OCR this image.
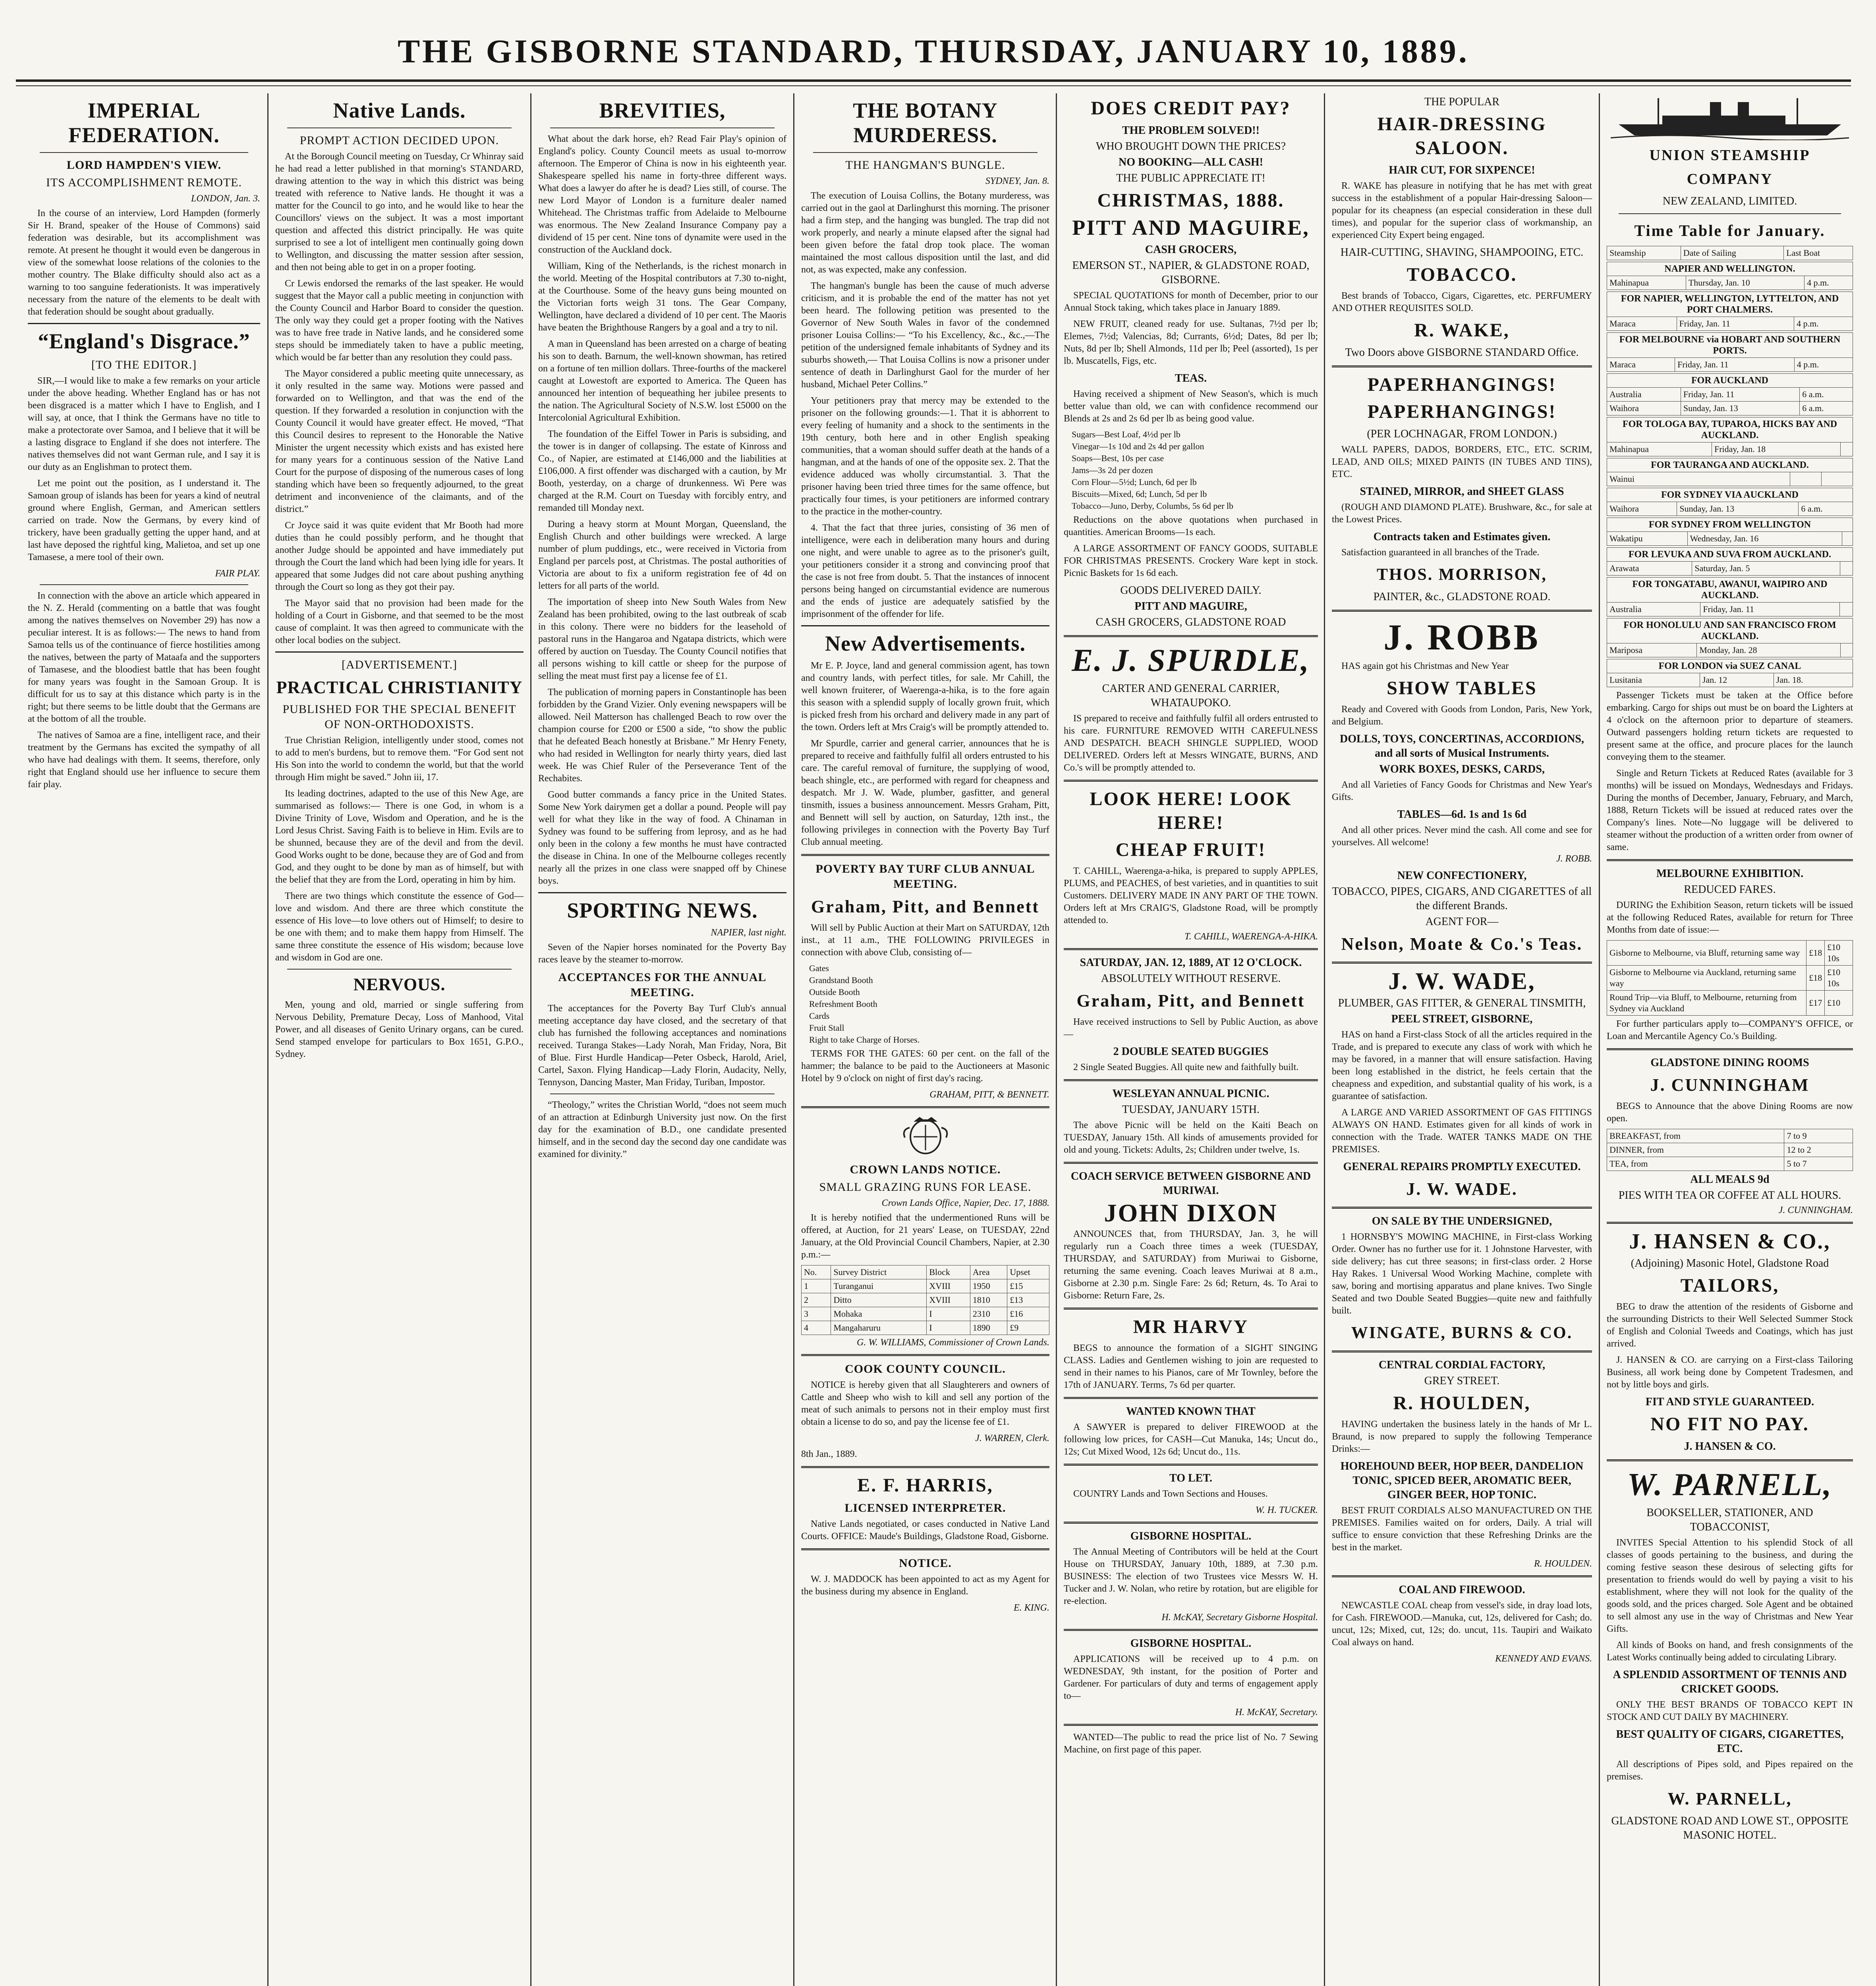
THE GISBORNE STANDARD, THURSDAY, JANUARY 10, 1889.
IMPERIAL FEDERATION.
LORD HAMPDEN'S VIEW.
ITS ACCOMPLISHMENT REMOTE.
LONDON, Jan. 3.
In the course of an interview, Lord Hampden (formerly Sir H. Brand, speaker of the House of Commons) said federation was desirable, but its accomplishment was remote. At present he thought it would even be dangerous in view of the somewhat loose relations of the colonies to the mother country. The Blake difficulty should also act as a warning to too sanguine federationists. It was imperatively necessary from the nature of the elements to be dealt with that federation should be sought about gradually.
“England's Disgrace.”
[TO THE EDITOR.]
SIR,—I would like to make a few remarks on your article under the above heading. Whether England has or has not been disgraced is a matter which I have to English, and I will say, at once, that I think the Germans have no title to make a protectorate over Samoa, and I believe that it will be a lasting disgrace to England if she does not interfere. The natives themselves did not want German rule, and I say it is our duty as an Englishman to protect them.
Let me point out the position, as I understand it. The Samoan group of islands has been for years a kind of neutral ground where English, German, and American settlers carried on trade. Now the Germans, by every kind of trickery, have been gradually getting the upper hand, and at last have deposed the rightful king, Malietoa, and set up one Tamasese, a mere tool of their own.
FAIR PLAY.
In connection with the above an article which appeared in the N. Z. Herald (commenting on a battle that was fought among the natives themselves on November 29) has now a peculiar interest. It is as follows:— The news to hand from Samoa tells us of the continuance of fierce hostilities among the natives, between the party of Mataafa and the supporters of Tamasese, and the bloodiest battle that has been fought for many years was fought in the Samoan Group. It is difficult for us to say at this distance which party is in the right; but there seems to be little doubt that the Germans are at the bottom of all the trouble.
The natives of Samoa are a fine, intelligent race, and their treatment by the Germans has excited the sympathy of all who have had dealings with them. It seems, therefore, only right that England should use her influence to secure them fair play.
Native Lands.
PROMPT ACTION DECIDED UPON.
At the Borough Council meeting on Tuesday, Cr Whinray said he had read a letter published in that morning's STANDARD, drawing attention to the way in which this district was being treated with reference to Native lands. He thought it was a matter for the Council to go into, and he would like to hear the Councillors' views on the subject. It was a most important question and affected this district principally. He was quite surprised to see a lot of intelligent men continually going down to Wellington, and discussing the matter session after session, and then not being able to get in on a proper footing.
Cr Lewis endorsed the remarks of the last speaker. He would suggest that the Mayor call a public meeting in conjunction with the County Council and Harbor Board to consider the question. The only way they could get a proper footing with the Natives was to have free trade in Native lands, and he considered some steps should be immediately taken to have a public meeting, which would be far better than any resolution they could pass.
The Mayor considered a public meeting quite unnecessary, as it only resulted in the same way. Motions were passed and forwarded on to Wellington, and that was the end of the question. If they forwarded a resolution in conjunction with the County Council it would have greater effect. He moved, “That this Council desires to represent to the Honorable the Native Minister the urgent necessity which exists and has existed here for many years for a continuous session of the Native Land Court for the purpose of disposing of the numerous cases of long standing which have been so frequently adjourned, to the great detriment and inconvenience of the claimants, and of the district.”
Cr Joyce said it was quite evident that Mr Booth had more duties than he could possibly perform, and he thought that another Judge should be appointed and have immediately put through the Court the land which had been lying idle for years. It appeared that some Judges did not care about pushing anything through the Court so long as they got their pay.
The Mayor said that no provision had been made for the holding of a Court in Gisborne, and that seemed to be the most cause of complaint. It was then agreed to communicate with the other local bodies on the subject.
[ADVERTISEMENT.]
PRACTICAL CHRISTIANITY
PUBLISHED FOR THE SPECIAL BENEFIT OF NON-ORTHODOXISTS.
True Christian Religion, intelligently under stood, comes not to add to men's burdens, but to remove them. “For God sent not His Son into the world to condemn the world, but that the world through Him might be saved.” John iii, 17.
Its leading doctrines, adapted to the use of this New Age, are summarised as follows:— There is one God, in whom is a Divine Trinity of Love, Wisdom and Operation, and he is the Lord Jesus Christ. Saving Faith is to believe in Him. Evils are to be shunned, because they are of the devil and from the devil. Good Works ought to be done, because they are of God and from God, and they ought to be done by man as of himself, but with the belief that they are from the Lord, operating in him by him.
There are two things which constitute the essence of God—love and wisdom. And there are three which constitute the essence of His love—to love others out of Himself; to desire to be one with them; and to make them happy from Himself. The same three constitute the essence of His wisdom; because love and wisdom in God are one.
NERVOUS.
Men, young and old, married or single suffering from Nervous Debility, Premature Decay, Loss of Manhood, Vital Power, and all diseases of Genito Urinary organs, can be cured. Send stamped envelope for particulars to Box 1651, G.P.O., Sydney.
BREVITIES,
What about the dark horse, eh? Read Fair Play's opinion of England's policy. County Council meets as usual to-morrow afternoon. The Emperor of China is now in his eighteenth year. Shakespeare spelled his name in forty-three different ways. What does a lawyer do after he is dead? Lies still, of course. The new Lord Mayor of London is a furniture dealer named Whitehead. The Christmas traffic from Adelaide to Melbourne was enormous. The New Zealand Insurance Company pay a dividend of 15 per cent. Nine tons of dynamite were used in the construction of the Auckland dock.
William, King of the Netherlands, is the richest monarch in the world. Meeting of the Hospital contributors at 7.30 to-night, at the Courthouse. Some of the heavy guns being mounted on the Victorian forts weigh 31 tons. The Gear Company, Wellington, have declared a dividend of 10 per cent. The Maoris have beaten the Brighthouse Rangers by a goal and a try to nil.
A man in Queensland has been arrested on a charge of beating his son to death. Barnum, the well-known showman, has retired on a fortune of ten million dollars. Three-fourths of the mackerel caught at Lowestoft are exported to America. The Queen has announced her intention of bequeathing her jubilee presents to the nation. The Agricultural Society of N.S.W. lost £5000 on the Intercolonial Agricultural Exhibition.
The foundation of the Eiffel Tower in Paris is subsiding, and the tower is in danger of collapsing. The estate of Kinross and Co., of Napier, are estimated at £146,000 and the liabilities at £106,000. A first offender was discharged with a caution, by Mr Booth, yesterday, on a charge of drunkenness. Wi Pere was charged at the R.M. Court on Tuesday with forcibly entry, and remanded till Monday next.
During a heavy storm at Mount Morgan, Queensland, the English Church and other buildings were wrecked. A large number of plum puddings, etc., were received in Victoria from England per parcels post, at Christmas. The postal authorities of Victoria are about to fix a uniform registration fee of 4d on letters for all parts of the world.
The importation of sheep into New South Wales from New Zealand has been prohibited, owing to the last outbreak of scab in this colony. There were no bidders for the leasehold of pastoral runs in the Hangaroa and Ngatapa districts, which were offered by auction on Tuesday. The County Council notifies that all persons wishing to kill cattle or sheep for the purpose of selling the meat must first pay a license fee of £1.
The publication of morning papers in Constantinople has been forbidden by the Grand Vizier. Only evening newspapers will be allowed. Neil Matterson has challenged Beach to row over the champion course for £200 or £500 a side, “to show the public that he defeated Beach honestly at Brisbane.” Mr Henry Fenety, who had resided in Wellington for nearly thirty years, died last week. He was Chief Ruler of the Perseverance Tent of the Rechabites.
Good butter commands a fancy price in the United States. Some New York dairymen get a dollar a pound. People will pay well for what they like in the way of food. A Chinaman in Sydney was found to be suffering from leprosy, and as he had only been in the colony a few months he must have contracted the disease in China. In one of the Melbourne colleges recently nearly all the prizes in one class were snapped off by Chinese boys.
SPORTING NEWS.
NAPIER, last night.
Seven of the Napier horses nominated for the Poverty Bay races leave by the steamer to-morrow.
ACCEPTANCES FOR THE ANNUAL MEETING.
The acceptances for the Poverty Bay Turf Club's annual meeting acceptance day have closed, and the secretary of that club has furnished the following acceptances and nominations received. Turanga Stakes—Lady Norah, Man Friday, Nora, Bit of Blue. First Hurdle Handicap—Peter Osbeck, Harold, Ariel, Cartel, Saxon. Flying Handicap—Lady Florin, Audacity, Nelly, Tennyson, Dancing Master, Man Friday, Turiban, Impostor.
“Theology,” writes the Christian World, “does not seem much of an attraction at Edinburgh University just now. On the first day for the examination of B.D., one candidate presented himself, and in the second day the second day one candidate was examined for divinity.”
THE BOTANY MURDERESS.
THE HANGMAN'S BUNGLE.
SYDNEY, Jan. 8.
The execution of Louisa Collins, the Botany murderess, was carried out in the gaol at Darlinghurst this morning. The prisoner had a firm step, and the hanging was bungled. The trap did not work properly, and nearly a minute elapsed after the signal had been given before the fatal drop took place. The woman maintained the most callous disposition until the last, and did not, as was expected, make any confession.
The hangman's bungle has been the cause of much adverse criticism, and it is probable the end of the matter has not yet been heard. The following petition was presented to the Governor of New South Wales in favor of the condemned prisoner Louisa Collins:— “To his Excellency, &c., &c.,—The petition of the undersigned female inhabitants of Sydney and its suburbs showeth,— That Louisa Collins is now a prisoner under sentence of death in Darlinghurst Gaol for the murder of her husband, Michael Peter Collins.”
Your petitioners pray that mercy may be extended to the prisoner on the following grounds:—1. That it is abhorrent to every feeling of humanity and a shock to the sentiments in the 19th century, both here and in other English speaking communities, that a woman should suffer death at the hands of a hangman, and at the hands of one of the opposite sex. 2. That the evidence adduced was wholly circumstantial. 3. That the prisoner having been tried three times for the same offence, but practically four times, is your petitioners are informed contrary to the practice in the mother-country.
4. That the fact that three juries, consisting of 36 men of intelligence, were each in deliberation many hours and during one night, and were unable to agree as to the prisoner's guilt, your petitioners consider it a strong and convincing proof that the case is not free from doubt. 5. That the instances of innocent persons being hanged on circumstantial evidence are numerous and the ends of justice are adequately satisfied by the imprisonment of the offender for life.
New Advertisements.
Mr E. P. Joyce, land and general commission agent, has town and country lands, with perfect titles, for sale. Mr Cahill, the well known fruiterer, of Waerenga-a-hika, is to the fore again this season with a splendid supply of locally grown fruit, which is picked fresh from his orchard and delivery made in any part of the town. Orders left at Mrs Craig's will be promptly attended to.
Mr Spurdle, carrier and general carrier, announces that he is prepared to receive and faithfully fulfil all orders entrusted to his care. The careful removal of furniture, the supplying of wood, beach shingle, etc., are performed with regard for cheapness and despatch. Mr J. W. Wade, plumber, gasfitter, and general tinsmith, issues a business announcement. Messrs Graham, Pitt, and Bennett will sell by auction, on Saturday, 12th inst., the following privileges in connection with the Poverty Bay Turf Club annual meeting.
POVERTY BAY TURF CLUB ANNUAL MEETING.
Graham, Pitt, and Bennett
Will sell by Public Auction at their Mart on SATURDAY, 12th inst., at 11 a.m., THE FOLLOWING PRIVILEGES in connection with above Club, consisting of—
Gates
Grandstand Booth
Outside Booth
Refreshment Booth
Cards
Fruit Stall
Right to take Charge of Horses.
TERMS FOR THE GATES: 60 per cent. on the fall of the hammer; the balance to be paid to the Auctioneers at Masonic Hotel by 9 o'clock on night of first day's racing.
GRAHAM, PITT, & BENNETT.
CROWN LANDS NOTICE.
SMALL GRAZING RUNS FOR LEASE.
Crown Lands Office, Napier, Dec. 17, 1888.
It is hereby notified that the undermentioned Runs will be offered, at Auction, for 21 years' Lease, on TUESDAY, 22nd January, at the Old Provincial Council Chambers, Napier, at 2.30 p.m.:—
No.	Survey District	Block	Area	Upset
1	Turanganui	XVIII	1950	£15
2	Ditto	XVIII	1810	£13
3	Mohaka	I	2310	£16
4	Mangaharuru	I	1890	£9
G. W. WILLIAMS, Commissioner of Crown Lands.
COOK COUNTY COUNCIL.
NOTICE is hereby given that all Slaughterers and owners of Cattle and Sheep who wish to kill and sell any portion of the meat of such animals to persons not in their employ must first obtain a license to do so, and pay the license fee of £1.
J. WARREN, Clerk.
8th Jan., 1889.
E. F. HARRIS,
LICENSED INTERPRETER.
Native Lands negotiated, or cases conducted in Native Land Courts. OFFICE: Maude's Buildings, Gladstone Road, Gisborne.
NOTICE.
W. J. MADDOCK has been appointed to act as my Agent for the business during my absence in England.
E. KING.
DOES CREDIT PAY?
THE PROBLEM SOLVED!!
WHO BROUGHT DOWN THE PRICES?
NO BOOKING—ALL CASH!
THE PUBLIC APPRECIATE IT!
CHRISTMAS, 1888.
PITT AND MAGUIRE,
CASH GROCERS,
EMERSON ST., NAPIER, & GLADSTONE ROAD, GISBORNE.
SPECIAL QUOTATIONS for month of December, prior to our Annual Stock taking, which takes place in January 1889.
NEW FRUIT, cleaned ready for use. Sultanas, 7½d per lb; Elemes, 7½d; Valencias, 8d; Currants, 6½d; Dates, 8d per lb; Nuts, 8d per lb; Shell Almonds, 11d per lb; Peel (assorted), 1s per lb. Muscatells, Figs, etc.
TEAS.
Having received a shipment of New Season's, which is much better value than old, we can with confidence recommend our Blends at 2s and 2s 6d per lb as being good value.
Sugars—Best Loaf, 4½d per lb
Vinegar—1s 10d and 2s 4d per gallon
Soaps—Best, 10s per case
Jams—3s 2d per dozen
Corn Flour—5½d; Lunch, 6d per lb
Biscuits—Mixed, 6d; Lunch, 5d per lb
Tobacco—Juno, Derby, Columbs, 5s 6d per lb
Reductions on the above quotations when purchased in quantities. American Brooms—1s each.
A LARGE ASSORTMENT OF FANCY GOODS, SUITABLE FOR CHRISTMAS PRESENTS. Crockery Ware kept in stock. Picnic Baskets for 1s 6d each.
GOODS DELIVERED DAILY.
PITT AND MAGUIRE,
CASH GROCERS, GLADSTONE ROAD
E. J. SPURDLE,
CARTER AND GENERAL CARRIER, WHATAUPOKO.
IS prepared to receive and faithfully fulfil all orders entrusted to his care. FURNITURE REMOVED WITH CAREFULNESS AND DESPATCH. BEACH SHINGLE SUPPLIED, WOOD DELIVERED. Orders left at Messrs WINGATE, BURNS, AND Co.'s will be promptly attended to.
LOOK HERE! LOOK HERE!
CHEAP FRUIT!
T. CAHILL, Waerenga-a-hika, is prepared to supply APPLES, PLUMS, and PEACHES, of best varieties, and in quantities to suit Customers. DELIVERY MADE IN ANY PART OF THE TOWN. Orders left at Mrs CRAIG'S, Gladstone Road, will be promptly attended to.
T. CAHILL, WAERENGA-A-HIKA.
SATURDAY, JAN. 12, 1889, AT 12 O'CLOCK.
ABSOLUTELY WITHOUT RESERVE.
Graham, Pitt, and Bennett
Have received instructions to Sell by Public Auction, as above—
2 DOUBLE SEATED BUGGIES
2 Single Seated Buggies. All quite new and faithfully built.
WESLEYAN ANNUAL PICNIC.
TUESDAY, JANUARY 15TH.
The above Picnic will be held on the Kaiti Beach on TUESDAY, January 15th. All kinds of amusements provided for old and young. Tickets: Adults, 2s; Children under twelve, 1s.
COACH SERVICE BETWEEN GISBORNE AND MURIWAI.
JOHN DIXON
ANNOUNCES that, from THURSDAY, Jan. 3, he will regularly run a Coach three times a week (TUESDAY, THURSDAY, and SATURDAY) from Muriwai to Gisborne, returning the same evening. Coach leaves Muriwai at 8 a.m., Gisborne at 2.30 p.m. Single Fare: 2s 6d; Return, 4s. To Arai to Gisborne: Return Fare, 2s.
MR HARVY
BEGS to announce the formation of a SIGHT SINGING CLASS. Ladies and Gentlemen wishing to join are requested to send in their names to his Pianos, care of Mr Townley, before the 17th of JANUARY. Terms, 7s 6d per quarter.
WANTED KNOWN THAT
A SAWYER is prepared to deliver FIREWOOD at the following low prices, for CASH—Cut Manuka, 14s; Uncut do., 12s; Cut Mixed Wood, 12s 6d; Uncut do., 11s.
TO LET.
COUNTRY Lands and Town Sections and Houses.
W. H. TUCKER.
GISBORNE HOSPITAL.
The Annual Meeting of Contributors will be held at the Court House on THURSDAY, January 10th, 1889, at 7.30 p.m. BUSINESS: The election of two Trustees vice Messrs W. H. Tucker and J. W. Nolan, who retire by rotation, but are eligible for re-election.
H. McKAY, Secretary Gisborne Hospital.
GISBORNE HOSPITAL.
APPLICATIONS will be received up to 4 p.m. on WEDNESDAY, 9th instant, for the position of Porter and Gardener. For particulars of duty and terms of engagement apply to—
H. McKAY, Secretary.
WANTED—The public to read the price list of No. 7 Sewing Machine, on first page of this paper.
THE POPULAR
HAIR-DRESSING SALOON.
HAIR CUT, FOR SIXPENCE!
R. WAKE has pleasure in notifying that he has met with great success in the establishment of a popular Hair-dressing Saloon—popular for its cheapness (an especial consideration in these dull times), and popular for the superior class of workmanship, an experienced City Expert being engaged.
HAIR-CUTTING, SHAVING, SHAMPOOING, ETC.
TOBACCO.
Best brands of Tobacco, Cigars, Cigarettes, etc. PERFUMERY AND OTHER REQUISITES SOLD.
R. WAKE,
Two Doors above GISBORNE STANDARD Office.
PAPERHANGINGS!
PAPERHANGINGS!
(PER LOCHNAGAR, FROM LONDON.)
WALL PAPERS, DADOS, BORDERS, ETC., ETC. SCRIM, LEAD, AND OILS; MIXED PAINTS (IN TUBES AND TINS), ETC.
STAINED, MIRROR, and SHEET GLASS
(ROUGH AND DIAMOND PLATE). Brushware, &c., for sale at the Lowest Prices.
Contracts taken and Estimates given.
Satisfaction guaranteed in all branches of the Trade.
THOS. MORRISON,
PAINTER, &c., GLADSTONE ROAD.
J. ROBB
HAS again got his Christmas and New Year
SHOW TABLES
Ready and Covered with Goods from London, Paris, New York, and Belgium.
DOLLS, TOYS, CONCERTINAS, ACCORDIONS, and all sorts of Musical Instruments.
WORK BOXES, DESKS, CARDS,
And all Varieties of Fancy Goods for Christmas and New Year's Gifts.
TABLES—6d. 1s and 1s 6d
And all other prices. Never mind the cash. All come and see for yourselves. All welcome!
J. ROBB.
NEW CONFECTIONERY,
TOBACCO, PIPES, CIGARS, AND CIGARETTES of all the different Brands.
AGENT FOR—
Nelson, Moate & Co.'s Teas.
J. W. WADE,
PLUMBER, GAS FITTER, & GENERAL TINSMITH,
PEEL STREET, GISBORNE,
HAS on hand a First-class Stock of all the articles required in the Trade, and is prepared to execute any class of work with which he may be favored, in a manner that will ensure satisfaction. Having been long established in the district, he feels certain that the cheapness and expedition, and substantial quality of his work, is a guarantee of satisfaction.
A LARGE AND VARIED ASSORTMENT OF GAS FITTINGS ALWAYS ON HAND. Estimates given for all kinds of work in connection with the Trade. WATER TANKS MADE ON THE PREMISES.
GENERAL REPAIRS PROMPTLY EXECUTED.
J. W. WADE.
ON SALE BY THE UNDERSIGNED,
1 HORNSBY'S MOWING MACHINE, in First-class Working Order. Owner has no further use for it. 1 Johnstone Harvester, with side delivery; has cut three seasons; in first-class order. 2 Horse Hay Rakes. 1 Universal Wood Working Machine, complete with saw, boring and mortising apparatus and plane knives. Two Single Seated and two Double Seated Buggies—quite new and faithfully built.
WINGATE, BURNS & CO.
CENTRAL CORDIAL FACTORY,
GREY STREET.
R. HOULDEN,
HAVING undertaken the business lately in the hands of Mr L. Braund, is now prepared to supply the following Temperance Drinks:—
HOREHOUND BEER, HOP BEER, DANDELION TONIC, SPICED BEER, AROMATIC BEER, GINGER BEER, HOP TONIC.
BEST FRUIT CORDIALS ALSO MANUFACTURED ON THE PREMISES. Families waited on for orders, Daily. A trial will suffice to ensure conviction that these Refreshing Drinks are the best in the market.
R. HOULDEN.
COAL AND FIREWOOD.
NEWCASTLE COAL cheap from vessel's side, in dray load lots, for Cash. FIREWOOD.—Manuka, cut, 12s, delivered for Cash; do. uncut, 12s; Mixed, cut, 12s; do. uncut, 11s. Taupiri and Waikato Coal always on hand.
KENNEDY AND EVANS.
UNION STEAMSHIP COMPANY
NEW ZEALAND, LIMITED.
Time Table for January.
Steamship	Date of Sailing	Last Boat
NAPIER AND WELLINGTON.
Mahinapua	Thursday, Jan. 10	4 p.m.
FOR NAPIER, WELLINGTON, LYTTELTON, AND PORT CHALMERS.
Maraca	Friday, Jan. 11	4 p.m.
FOR MELBOURNE via HOBART AND SOUTHERN PORTS.
Maraca	Friday, Jan. 11	4 p.m.
FOR AUCKLAND		
Australia	Friday, Jan. 11	6 a.m.
Waihora	Sunday, Jan. 13	6 a.m.
FOR TOLOGA BAY, TUPAROA, HICKS BAY AND AUCKLAND.
Mahinapua	Friday, Jan. 18	
FOR TAURANGA AND AUCKLAND.
Wainui		
FOR SYDNEY VIA AUCKLAND
Waihora	Sunday, Jan. 13	6 a.m.
FOR SYDNEY FROM WELLINGTON
Wakatipu	Wednesday, Jan. 16	
FOR LEVUKA AND SUVA FROM AUCKLAND.
Arawata	Saturday, Jan. 5	
FOR TONGATABU, AWANUI, WAIPIRO AND AUCKLAND.
Australia	Friday, Jan. 11	
FOR HONOLULU AND SAN FRANCISCO FROM AUCKLAND.
Mariposa	Monday, Jan. 28	
FOR LONDON via SUEZ CANAL
Lusitania	Jan. 12	Jan. 18.
Passenger Tickets must be taken at the Office before embarking. Cargo for ships out must be on board the Lighters at 4 o'clock on the afternoon prior to departure of steamers. Outward passengers holding return tickets are requested to present same at the office, and procure places for the launch conveying them to the steamer.
Single and Return Tickets at Reduced Rates (available for 3 months) will be issued on Mondays, Wednesdays and Fridays. During the months of December, January, February, and March, 1888, Return Tickets will be issued at reduced rates over the Company's lines. Note—No luggage will be delivered to steamer without the production of a written order from owner of same.
MELBOURNE EXHIBITION.
REDUCED FARES.
DURING the Exhibition Season, return tickets will be issued at the following Reduced Rates, available for return for Three Months from date of issue:—
Gisborne to Melbourne, via Bluff, returning same way	£18	£10 10s
Gisborne to Melbourne via Auckland, returning same way	£18	£10 10s
Round Trip—via Bluff, to Melbourne, returning from Sydney via Auckland	£17	£10
For further particulars apply to—COMPANY'S OFFICE, or Loan and Mercantile Agency Co.'s Building.
GLADSTONE DINING ROOMS
J. CUNNINGHAM
BEGS to Announce that the above Dining Rooms are now open.
BREAKFAST, from	7 to 9
DINNER, from	12 to 2
TEA, from	5 to 7
ALL MEALS 9d
PIES WITH TEA OR COFFEE AT ALL HOURS.
J. CUNNINGHAM.
J. HANSEN & CO.,
(Adjoining) Masonic Hotel, Gladstone Road
TAILORS,
BEG to draw the attention of the residents of Gisborne and the surrounding Districts to their Well Selected Summer Stock of English and Colonial Tweeds and Coatings, which has just arrived.
J. HANSEN & CO. are carrying on a First-class Tailoring Business, all work being done by Competent Tradesmen, and not by little boys and girls.
FIT AND STYLE GUARANTEED.
NO FIT NO PAY.
J. HANSEN & CO.
W. PARNELL,
BOOKSELLER, STATIONER, AND TOBACCONIST,
INVITES Special Attention to his splendid Stock of all classes of goods pertaining to the business, and during the coming festive season these desirous of selecting gifts for presentation to friends would do well by paying a visit to his establishment, where they will not look for the quality of the goods sold, and the prices charged. Sole Agent and be obtained to sell almost any use in the way of Christmas and New Year Gifts.
All kinds of Books on hand, and fresh consignments of the Latest Works continually being added to circulating Library.
A SPLENDID ASSORTMENT OF TENNIS AND CRICKET GOODS.
ONLY THE BEST BRANDS OF TOBACCO KEPT IN STOCK AND CUT DAILY BY MACHINERY.
BEST QUALITY OF CIGARS, CIGARETTES, ETC.
All descriptions of Pipes sold, and Pipes repaired on the premises.
W. PARNELL,
GLADSTONE ROAD AND LOWE ST., OPPOSITE MASONIC HOTEL.
